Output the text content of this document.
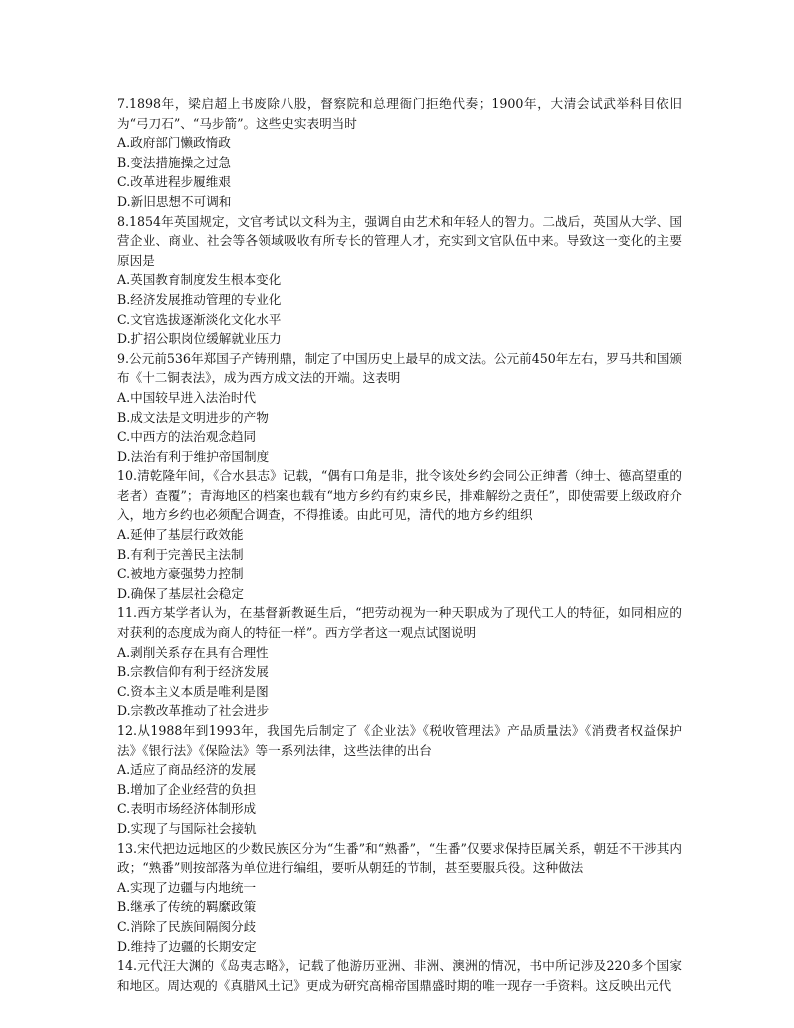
7.1898年，梁启超上书废除八股，督察院和总理衙门拒绝代奏；1900年，大清会试武举科目依旧为“弓刀石”、“马步箭”。这些史实表明当时

A.政府部门懒政惰政
B.变法措施操之过急
C.改革进程步履维艰
D.新旧思想不可调和

8.1854年英国规定，文官考试以文科为主，强调自由艺术和年轻人的智力。二战后，英国从大学、国营企业、商业、社会等各领域吸收有所专长的管理人才，充实到文官队伍中来。导致这一变化的主要原因是

A.英国教育制度发生根本变化
B.经济发展推动管理的专业化
C.文官选拔逐渐淡化文化水平
D.扩招公职岗位缓解就业压力

9.公元前536年郑国子产铸刑鼎，制定了中国历史上最早的成文法。公元前450年左右，罗马共和国颁布《十二铜表法》，成为西方成文法的开端。这表明

A.中国较早进入法治时代
B.成文法是文明进步的产物
C.中西方的法治观念趋同
D.法治有利于维护帝国制度

10.清乾隆年间，《合水县志》记载，“偶有口角是非，批令该处乡约会同公正绅耆（绅士、德高望重的老者）查覆”；青海地区的档案也载有“地方乡约有约束乡民，排难解纷之责任”，即使需要上级政府介入，地方乡约也必须配合调查，不得推诿。由此可见，清代的地方乡约组织

A.延伸了基层行政效能
B.有利于完善民主法制
C.被地方豪强势力控制
D.确保了基层社会稳定

11.西方某学者认为，在基督新教诞生后，“把劳动视为一种天职成为了现代工人的特征，如同相应的对获利的态度成为商人的特征一样”。西方学者这一观点试图说明

A.剥削关系存在具有合理性
B.宗教信仰有利于经济发展
C.资本主义本质是唯利是图
D.宗教改革推动了社会进步

12.从1988年到1993年，我国先后制定了《企业法》《税收管理法》产品质量法》《消费者权益保护法》《银行法》《保险法》等一系列法律，这些法律的出台

A.适应了商品经济的发展
B.增加了企业经营的负担
C.表明市场经济体制形成
D.实现了与国际社会接轨

13.宋代把边远地区的少数民族区分为“生番”和“熟番”，“生番”仅要求保持臣属关系，朝廷不干涉其内政；“熟番”则按部落为单位进行编组，要听从朝廷的节制，甚至要服兵役。这种做法

A.实现了边疆与内地统一
B.继承了传统的羁縻政策
C.消除了民族间隔阂分歧
D.维持了边疆的长期安定

14.元代汪大渊的《岛夷志略》，记载了他游历亚洲、非洲、澳洲的情况，书中所记涉及220多个国家和地区。周达观的《真腊风土记》更成为研究高棉帝国鼎盛时期的唯一现存一手资料。这反映出元代
